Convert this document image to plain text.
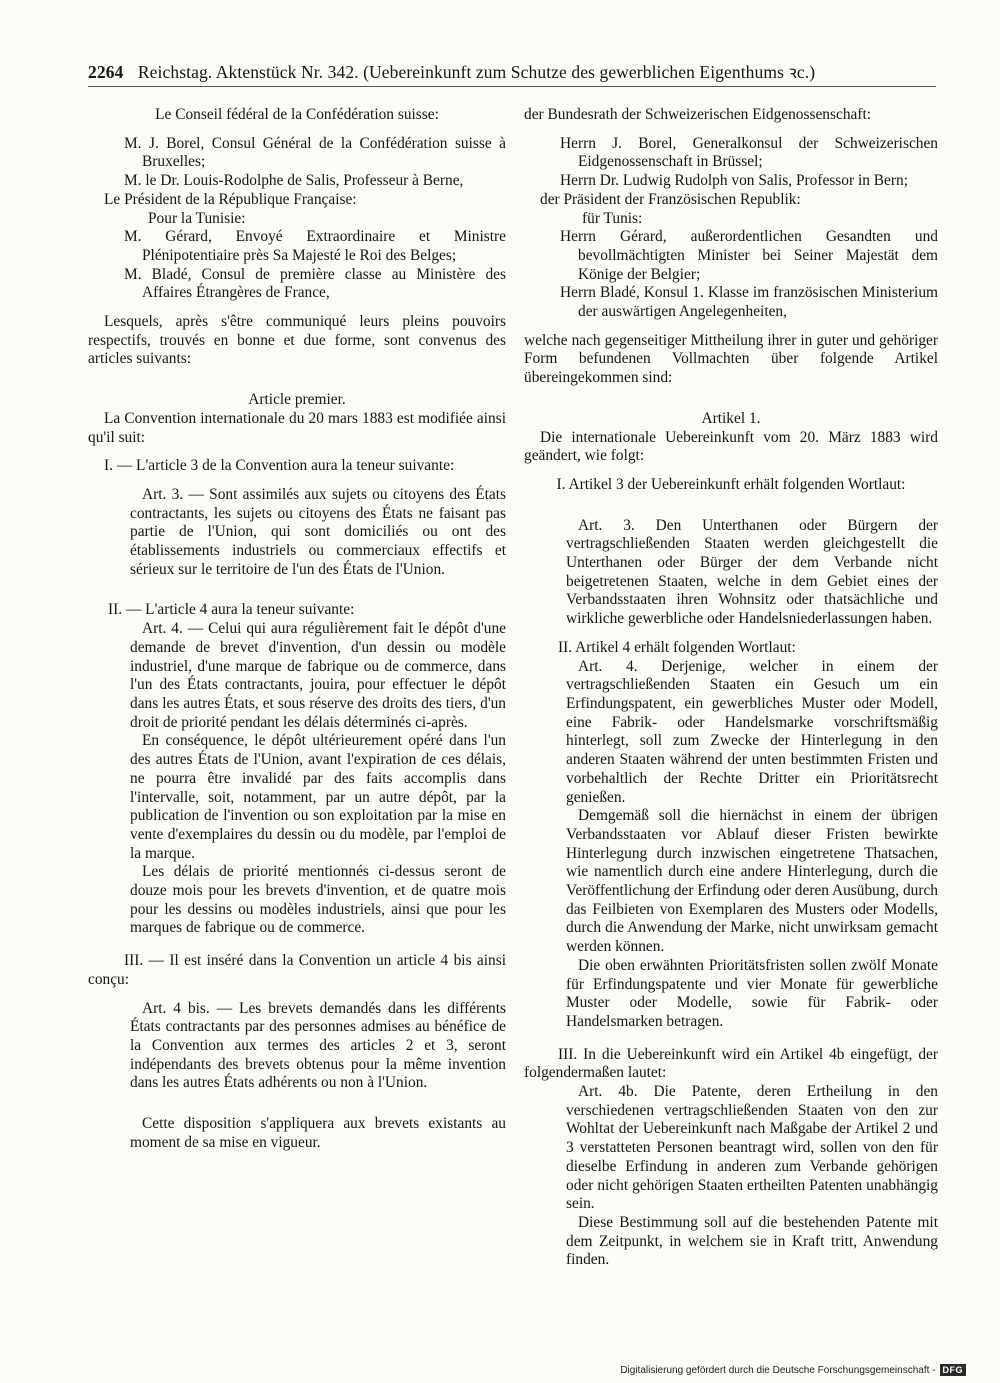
2264 Reichstag. Aktenstück Nr. 342. (Uebereinkunft zum Schutze des gewerblichen Eigenthums ꝛc.)

Le Conseil fédéral de la Confédération suisse:

M. J. Borel, Consul Général de la Confédération suisse à Bruxelles;

M. le Dr. Louis-Rodolphe de Salis, Professeur à Berne,

Le Président de la République Française:

Pour la Tunisie:

M. Gérard, Envoyé Extraordinaire et Ministre Plénipotentiaire près Sa Majesté le Roi des Belges;

M. Bladé, Consul de première classe au Ministère des Affaires Étrangères de France,

Lesquels, après s'être communiqué leurs pleins pouvoirs respectifs, trouvés en bonne et due forme, sont convenus des articles suivants:

Article premier.

La Convention internationale du 20 mars 1883 est modifiée ainsi qu'il suit:

I. — L'article 3 de la Convention aura la teneur suivante:

Art. 3. — Sont assimilés aux sujets ou citoyens des États contractants, les sujets ou citoyens des États ne faisant pas partie de l'Union, qui sont domiciliés ou ont des établissements industriels ou commerciaux effectifs et sérieux sur le territoire de l'un des États de l'Union.

II. — L'article 4 aura la teneur suivante:

Art. 4. — Celui qui aura régulièrement fait le dépôt d'une demande de brevet d'invention, d'un dessin ou modèle industriel, d'une marque de fabrique ou de commerce, dans l'un des États contractants, jouira, pour effectuer le dépôt dans les autres États, et sous réserve des droits des tiers, d'un droit de priorité pendant les délais déterminés ci-après.

En conséquence, le dépôt ultérieurement opéré dans l'un des autres États de l'Union, avant l'expiration de ces délais, ne pourra être invalidé par des faits accomplis dans l'intervalle, soit, notamment, par un autre dépôt, par la publication de l'invention ou son exploitation par la mise en vente d'exemplaires du dessin ou du modèle, par l'emploi de la marque.

Les délais de priorité mentionnés ci-dessus seront de douze mois pour les brevets d'invention, et de quatre mois pour les dessins ou modèles industriels, ainsi que pour les marques de fabrique ou de commerce.

III. — Il est inséré dans la Convention un article 4 bis ainsi conçu:

Art. 4 bis. — Les brevets demandés dans les différents États contractants par des personnes admises au bénéfice de la Convention aux termes des articles 2 et 3, seront indépendants des brevets obtenus pour la même invention dans les autres États adhérents ou non à l'Union.

Cette disposition s'appliquera aux brevets existants au moment de sa mise en vigueur.

der Bundesrath der Schweizerischen Eidgenossenschaft:

Herrn J. Borel, Generalkonsul der Schweizerischen Eidgenossenschaft in Brüssel;

Herrn Dr. Ludwig Rudolph von Salis, Professor in Bern;

der Präsident der Französischen Republik:

für Tunis:

Herrn Gérard, außerordentlichen Gesandten und bevollmächtigten Minister bei Seiner Majestät dem Könige der Belgier;

Herrn Bladé, Konsul 1. Klasse im französischen Ministerium der auswärtigen Angelegenheiten,

welche nach gegenseitiger Mittheilung ihrer in guter und gehöriger Form befundenen Vollmachten über folgende Artikel übereingekommen sind:

Artikel 1.

Die internationale Uebereinkunft vom 20. März 1883 wird geändert, wie folgt:

I. Artikel 3 der Uebereinkunft erhält folgenden Wortlaut:

Art. 3. Den Unterthanen oder Bürgern der vertragschließenden Staaten werden gleichgestellt die Unterthanen oder Bürger der dem Verbande nicht beigetretenen Staaten, welche in dem Gebiet eines der Verbandsstaaten ihren Wohnsitz oder thatsächliche und wirkliche gewerbliche oder Handelsniederlassungen haben.

II. Artikel 4 erhält folgenden Wortlaut:

Art. 4. Derjenige, welcher in einem der vertragschließenden Staaten ein Gesuch um ein Erfindungspatent, ein gewerbliches Muster oder Modell, eine Fabrik- oder Handelsmarke vorschriftsmäßig hinterlegt, soll zum Zwecke der Hinterlegung in den anderen Staaten während der unten bestimmten Fristen und vorbehaltlich der Rechte Dritter ein Prioritätsrecht genießen.

Demgemäß soll die hiernächst in einem der übrigen Verbandsstaaten vor Ablauf dieser Fristen bewirkte Hinterlegung durch inzwischen eingetretene Thatsachen, wie namentlich durch eine andere Hinterlegung, durch die Veröffentlichung der Erfindung oder deren Ausübung, durch das Feilbieten von Exemplaren des Musters oder Modells, durch die Anwendung der Marke, nicht unwirksam gemacht werden können.

Die oben erwähnten Prioritätsfristen sollen zwölf Monate für Erfindungspatente und vier Monate für gewerbliche Muster oder Modelle, sowie für Fabrik- oder Handelsmarken betragen.

III. In die Uebereinkunft wird ein Artikel 4b eingefügt, der folgendermaßen lautet:

Art. 4b. Die Patente, deren Ertheilung in den verschiedenen vertragschließenden Staaten von den zur Wohltat der Uebereinkunft nach Maßgabe der Artikel 2 und 3 verstatteten Personen beantragt wird, sollen von den für dieselbe Erfindung in anderen zum Verbande gehörigen oder nicht gehörigen Staaten ertheilten Patenten unabhängig sein.

Diese Bestimmung soll auf die bestehenden Patente mit dem Zeitpunkt, in welchem sie in Kraft tritt, Anwendung finden.

Digitalisierung gefördert durch die Deutsche Forschungsgemeinschaft - DFG
